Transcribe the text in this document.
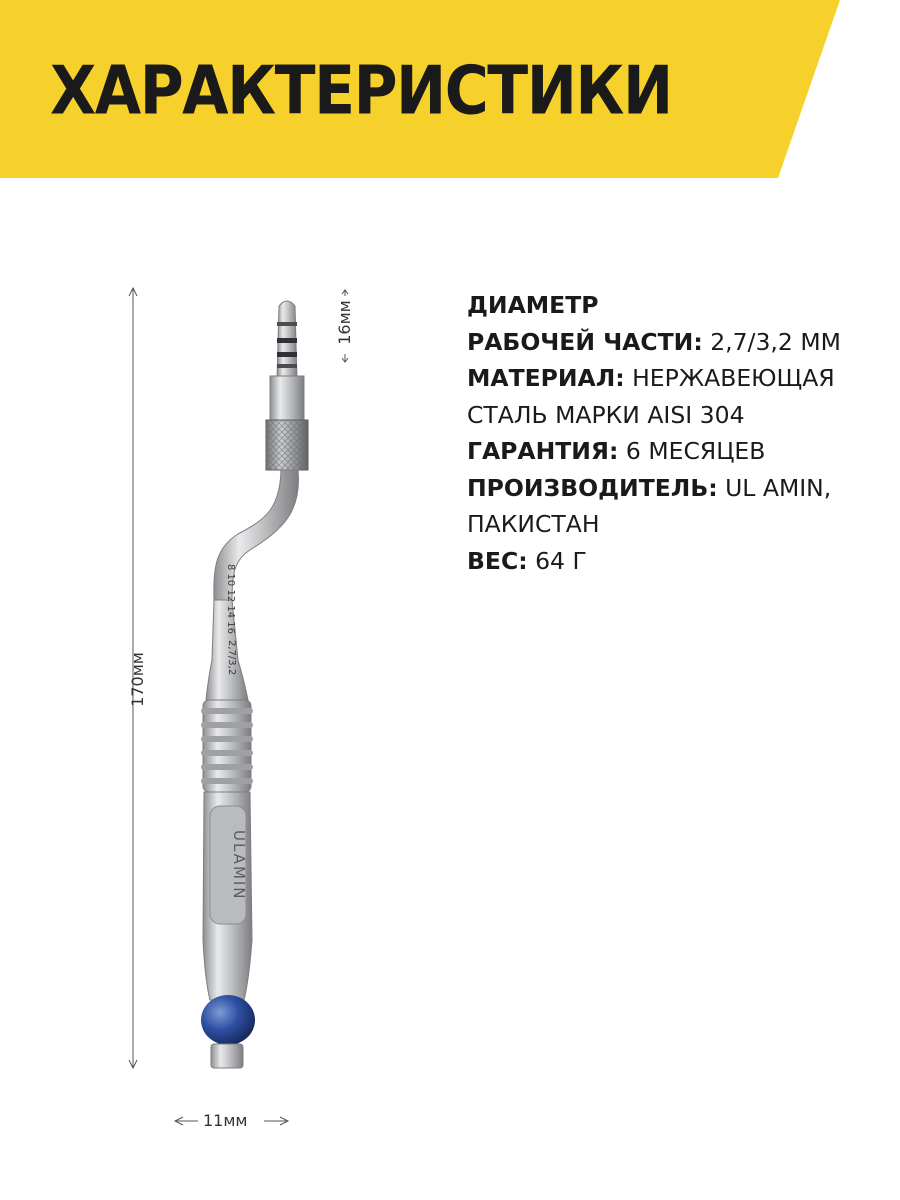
ХАРАКТЕРИСТИКИ
ДИАМЕТР
РАБОЧЕЙ ЧАСТИ: 2,7/3,2 ММ
МАТЕРИАЛ: НЕРЖАВЕЮЩАЯ
СТАЛЬ МАРКИ AISI 304
ГАРАНТИЯ: 6 МЕСЯЦЕВ
ПРОИЗВОДИТЕЛЬ: UL AMIN,
ПАКИСТАН
ВЕС: 64 Г
8 10 12 14 16
2,7/3,2
ULAMIN
16мм
170мм
11мм
